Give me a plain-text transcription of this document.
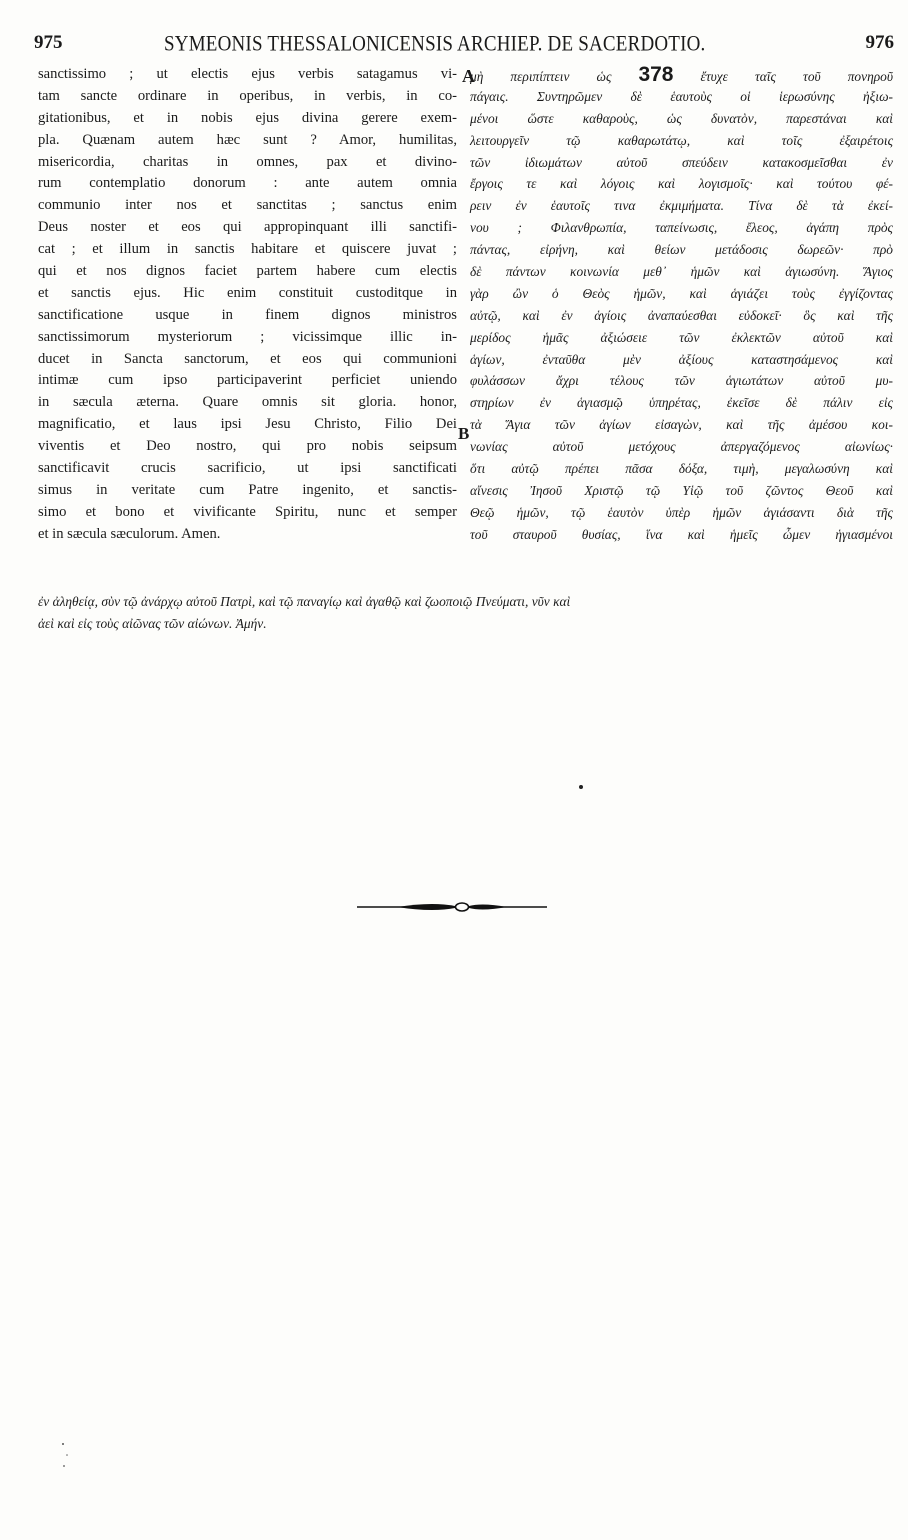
975	SYMEONIS THESSALONICENSIS ARCHIEP. DE SACERDOTIO.	976
sanctissimo ; ut electis ejus verbis satagamus vi-
tam sancte ordinare in operibus, in verbis, in co-
gitationibus, et in nobis ejus divina gerere exem-
pla. Quænam autem hæc sunt ? Amor, humilitas,
misericordia, charitas in omnes, pax et divino-
rum contemplatio donorum : ante autem omnia
communio inter nos et sanctitas ; sanctus enim
Deus noster et eos qui appropinquant illi sanctifi-
cat ; et illum in sanctis habitare et quiscere juvat ;
qui et nos dignos faciet partem habere cum electis
et sanctis ejus. Hic enim constituit custoditque in
sanctificatione usque in finem dignos ministros
sanctissimorum mysteriorum ; vicissimque illic in-
ducet in Sancta sanctorum, et eos qui communioni
intimæ cum ipso participaverint perficiet uniendo
in sæcula æterna. Quare omnis sit gloria. honor,
magnificatio, et laus ipsi Jesu Christo, Filio Dei
viventis et Deo nostro, qui pro nobis seipsum
sanctificavit crucis sacrificio, ut ipsi sanctificati
simus in veritate cum Patre ingenito, et sanctis-
simo et bono et vivificante Spiritu, nunc et semper
et in sæcula sæculorum. Amen.
A
B
μὴ περιπίπτειν ὡς 378 ἔτυχε ταῖς τοῦ πονηροῦ
πάγαις. Συντηρῶμεν δὲ ἑαυτοὺς οἱ ἱερωσύνης ἠξιω-
μένοι ὥστε καθαροὺς, ὡς δυνατὸν, παρεστάναι καὶ
λειτουργεῖν τῷ καθαρωτάτῳ, καὶ τοῖς ἐξαιρέτοις
τῶν ἰδιωμάτων αὐτοῦ σπεύδειν κατακοσμεῖσθαι ἐν
ἔργοις τε καὶ λόγοις καὶ λογισμοῖς· καὶ τούτου φέ-
ρειν ἐν ἑαυτοῖς τινα ἐκμιμήματα. Τίνα δὲ τὰ ἐκεί-
νου ; Φιλανθρωπία, ταπείνωσις, ἔλεος, ἀγάπη πρὸς
πάντας, εἰρήνη, καὶ θείων μετάδοσις δωρεῶν· πρὸ
δὲ πάντων κοινωνία μεθ᾽ ἡμῶν καὶ ἁγιωσύνη. Ἅγιος
γὰρ ὢν ὁ Θεὸς ἡμῶν, καὶ ἁγιάζει τοὺς ἐγγίζοντας
αὐτῷ, καὶ ἐν ἁγίοις ἀναπαύεσθαι εὐδοκεῖ· ὃς καὶ τῆς
μερίδος ἡμᾶς ἀξιώσειε τῶν ἐκλεκτῶν αὐτοῦ καὶ
ἁγίων, ἐνταῦθα μὲν ἀξίους καταστησάμενος καὶ
φυλάσσων ἄχρι τέλους τῶν ἁγιωτάτων αὐτοῦ μυ-
στηρίων ἐν ἁγιασμῷ ὑπηρέτας, ἐκεῖσε δὲ πάλιν εἰς
τὰ Ἅγια τῶν ἁγίων εἰσαγὼν, καὶ τῆς ἀμέσου κοι-
νωνίας αὐτοῦ μετόχους ἀπεργαζόμενος αἰωνίως·
ὅτι αὐτῷ πρέπει πᾶσα δόξα, τιμὴ, μεγαλωσύνη καὶ
αἴνεσις Ἰησοῦ Χριστῷ τῷ Υἱῷ τοῦ ζῶντος Θεοῦ καὶ
Θεῷ ἡμῶν, τῷ ἑαυτὸν ὑπὲρ ἡμῶν ἁγιάσαντι διὰ τῆς
τοῦ σταυροῦ θυσίας, ἵνα καὶ ἡμεῖς ὦμεν ἡγιασμένοι
ἐν ἀληθείᾳ, σὺν τῷ ἀνάρχῳ αὐτοῦ Πατρὶ, καὶ τῷ παναγίῳ καὶ ἀγαθῷ καὶ ζωοποιῷ Πνεύματι, νῦν καὶ
ἀεὶ καὶ εἰς τοὺς αἰῶνας τῶν αἰώνων. Ἀμήν.
